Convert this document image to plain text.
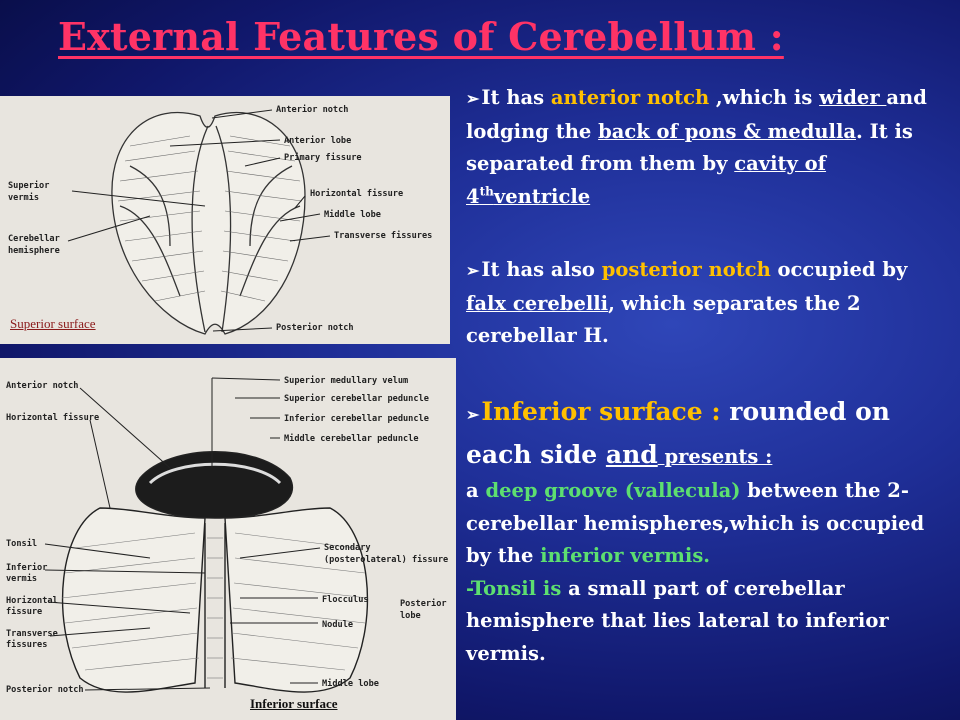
External Features of Cerebellum :
Anterior notch
Anterior lobe
Primary fissure
Horizontal fissure
Middle lobe
Transverse fissures
Posterior notch
Superior
vermis
Cerebellar
hemisphere
Superior surface
Anterior notch
Horizontal fissure
Superior medullary velum
Superior cerebellar peduncle
Inferior cerebellar peduncle
Middle cerebellar peduncle
Tonsil
Inferior
vermis
Horizontal
fissure
Transverse
fissures
Posterior notch
Secondary
(posterolateral) fissure
Flocculus
Nodule
Posterior
lobe
Middle lobe
Inferior surface
➢ It has anterior notch ,which is wider and lodging the back of pons & medulla. It is separated from them by cavity of 4thventricle
➢ It has also posterior notch occupied by falx cerebelli, which separates the 2 cerebellar H.
➢Inferior surface : rounded on each side and presents :
a deep groove (vallecula) between the 2-cerebellar hemispheres,which is occupied by the inferior vermis.
-Tonsil is a small part of cerebellar hemisphere that lies lateral to inferior vermis.
